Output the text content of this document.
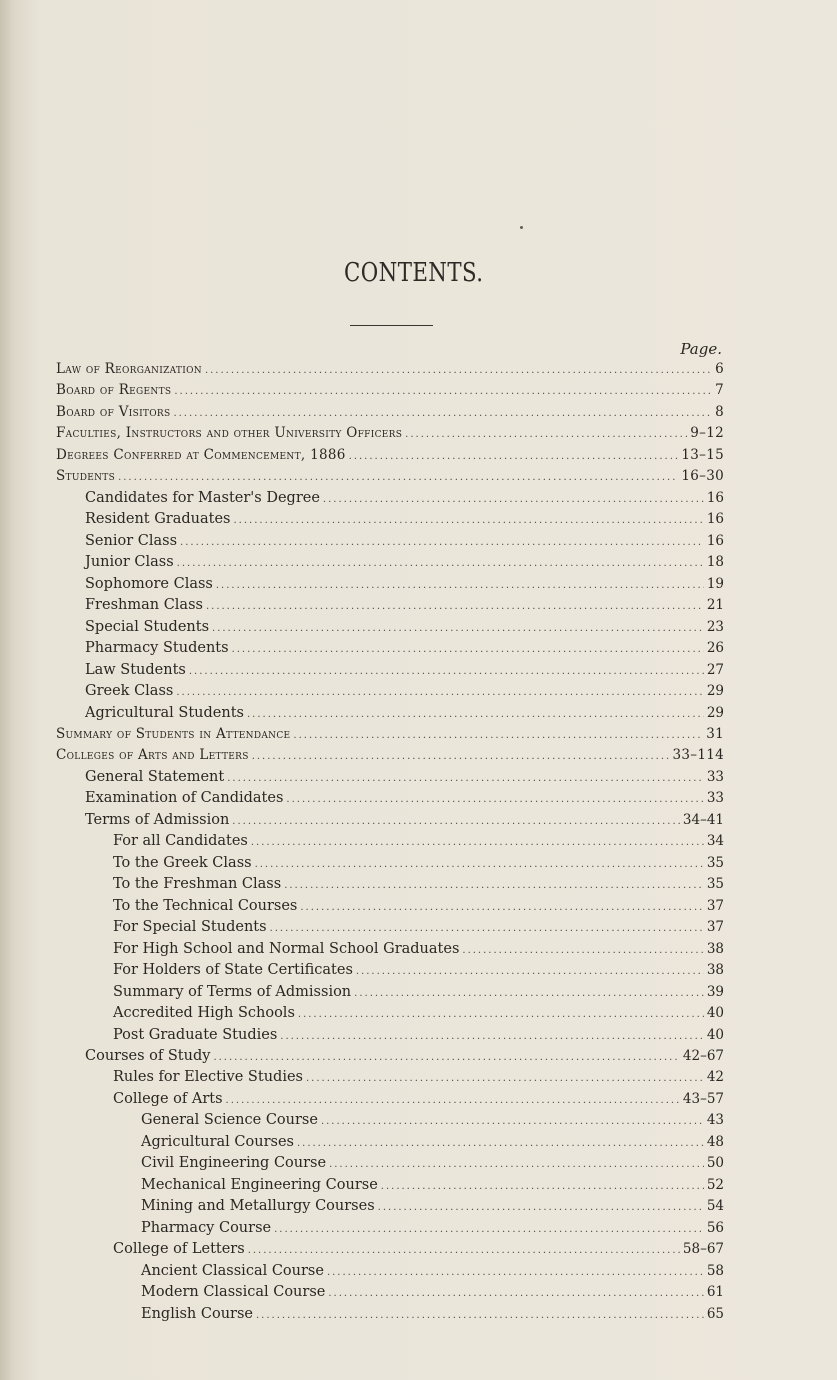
CONTENTS.
Page.
Law of Reorganization .....	6
Board of Regents .....	7
Board of Visitors .....	8
Faculties, Instructors and other University Officers .....	9–12
Degrees Conferred at Commencement, 1886 .....	13–15
Students .....	16–30
Candidates for Master's Degree .....	16
Resident Graduates .....	16
Senior Class .....	16
Junior Class .....	18
Sophomore Class .....	19
Freshman Class .....	21
Special Students .....	23
Pharmacy Students .....	26
Law Students .....	27
Greek Class .....	29
Agricultural Students .....	29
Summary of Students in Attendance .....	31
Colleges of Arts and Letters .....	33–114
General Statement .....	33
Examination of Candidates .....	33
Terms of Admission .....	34–41
For all Candidates .....	34
To the Greek Class .....	35
To the Freshman Class .....	35
To the Technical Courses .....	37
For Special Students .....	37
For High School and Normal School Graduates .....	38
For Holders of State Certificates .....	38
Summary of Terms of Admission .....	39
Accredited High Schools .....	40
Post Graduate Studies .....	40
Courses of Study .....	42–67
Rules for Elective Studies .....	42
College of Arts .....	43–57
General Science Course .....	43
Agricultural Courses .....	48
Civil Engineering Course .....	50
Mechanical Engineering Course .....	52
Mining and Metallurgy Courses .....	54
Pharmacy Course .....	56
College of Letters .....	58–67
Ancient Classical Course .....	58
Modern Classical Course .....	61
English Course .....	65
